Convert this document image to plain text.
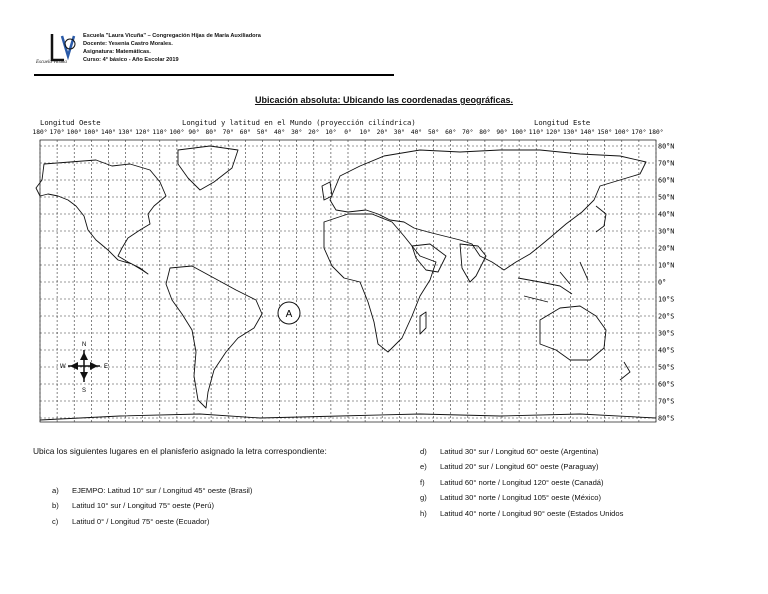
Escuela Vicuña
Escuela "Laura Vicuña" – Congregación Hijas de María Auxiliadora
Docente: Yesenia Castro Morales.
Asignatura: Matemáticas.
Curso: 4° básico - Año Escolar 2019
Ubicación absoluta: Ubicando las coordenadas geográficas.
Longitud Oeste	Longitud y latitud en el Mundo (proyección cilíndrica)	Longitud Este
180° 170° 100° 100° 140° 130° 120° 110° 100° 90° 80° 70° 60° 50° 40° 30° 20° 10° 0° 10° 20° 30° 40° 50° 60° 70° 80° 90° 100° 110° 120° 130° 140° 150° 100° 170° 180°
80°N
70°N
60°N
50°N
40°N
30°N
20°N
10°N
0°
10°S
20°S
30°S
40°S
50°S
60°S
70°S
80°S
A
N
S
W	E
Ubica los siguientes lugares en el planisferio asignado la letra correspondiente:
a) EJEMPO: Latitud 10° sur / Longitud 45° oeste (Brasil)
b) Latitud 10° sur / Longitud 75° oeste (Perú)
c) Latitud 0° / Longitud 75° oeste (Ecuador)
d) Latitud 30° sur / Longitud 60° oeste (Argentina)
e) Latitud 20° sur / Longitud 60° oeste (Paraguay)
f) Latitud 60° norte / Longitud 120° oeste (Canadá)
g) Latitud 30° norte / Longitud 105° oeste (México)
h) Latitud 40° norte / Longitud 90° oeste (Estados Unidos
